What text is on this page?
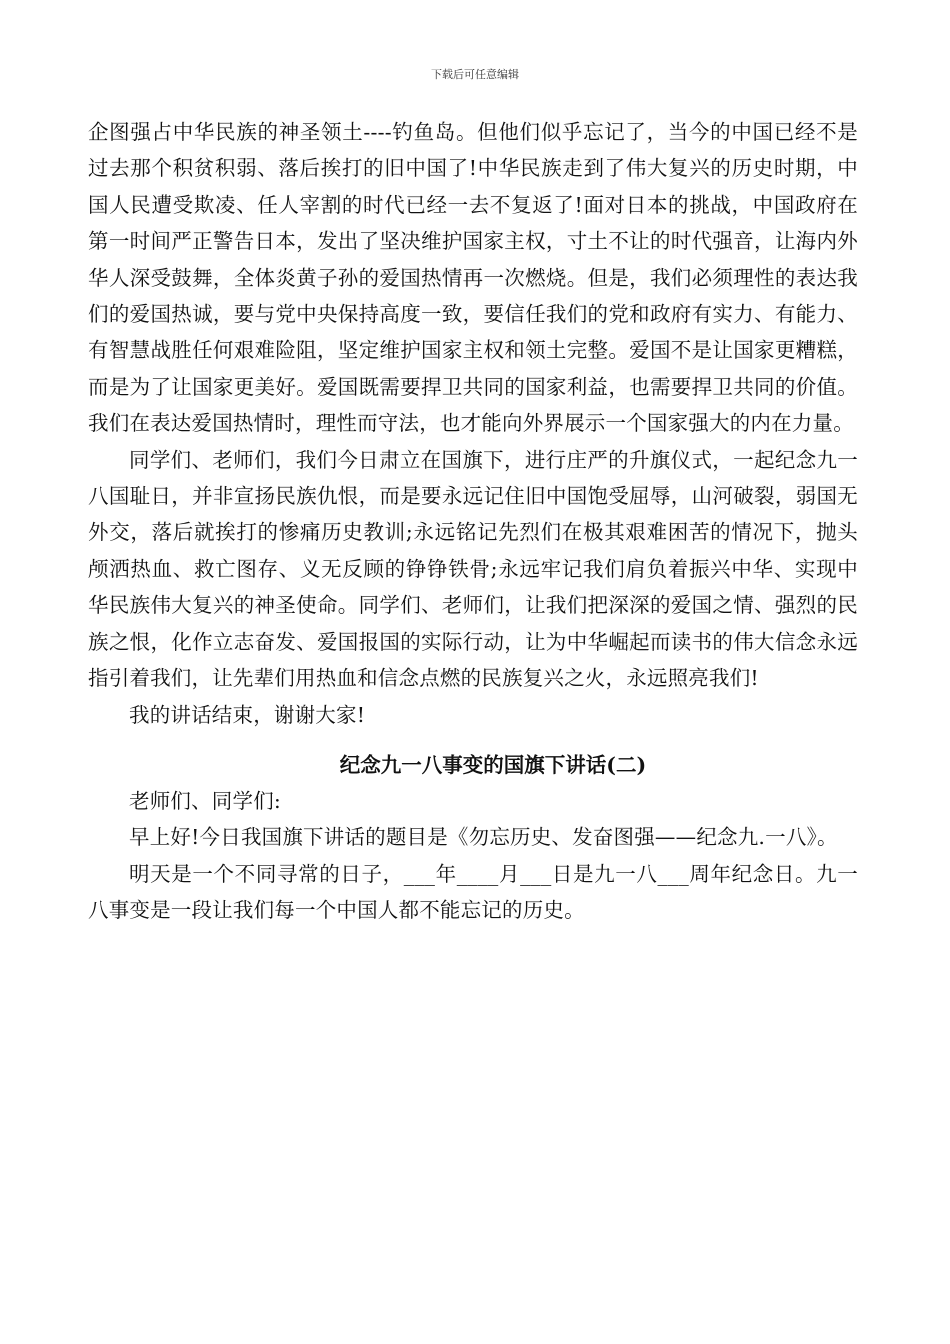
下载后可任意编辑

企图强占中华民族的神圣领土----钓鱼岛。但他们似乎忘记了，当今的中国已经不是过去那个积贫积弱、落后挨打的旧中国了!中华民族走到了伟大复兴的历史时期，中国人民遭受欺凌、任人宰割的时代已经一去不复返了!面对日本的挑战，中国政府在第一时间严正警告日本，发出了坚决维护国家主权，寸土不让的时代强音，让海内外华人深受鼓舞，全体炎黄子孙的爱国热情再一次燃烧。但是，我们必须理性的表达我们的爱国热诚，要与党中央保持高度一致，要信任我们的党和政府有实力、有能力、有智慧战胜任何艰难险阻，坚定维护国家主权和领土完整。爱国不是让国家更糟糕，而是为了让国家更美好。爱国既需要捍卫共同的国家利益，也需要捍卫共同的价值。我们在表达爱国热情时，理性而守法，也才能向外界展示一个国家强大的内在力量。

同学们、老师们，我们今日肃立在国旗下，进行庄严的升旗仪式，一起纪念九一八国耻日，并非宣扬民族仇恨，而是要永远记住旧中国饱受屈辱，山河破裂，弱国无外交，落后就挨打的惨痛历史教训;永远铭记先烈们在极其艰难困苦的情况下，抛头颅洒热血、救亡图存、义无反顾的铮铮铁骨;永远牢记我们肩负着振兴中华、实现中华民族伟大复兴的神圣使命。同学们、老师们，让我们把深深的爱国之情、强烈的民族之恨，化作立志奋发、爱国报国的实际行动，让为中华崛起而读书的伟大信念永远指引着我们，让先辈们用热血和信念点燃的民族复兴之火，永远照亮我们!

我的讲话结束，谢谢大家!

纪念九一八事变的国旗下讲话(二)

老师们、同学们:

早上好!今日我国旗下讲话的题目是《勿忘历史、发奋图强——纪念九.一八》。

明天是一个不同寻常的日子，___年____月___日是九一八___周年纪念日。九一八事变是一段让我们每一个中国人都不能忘记的历史。
